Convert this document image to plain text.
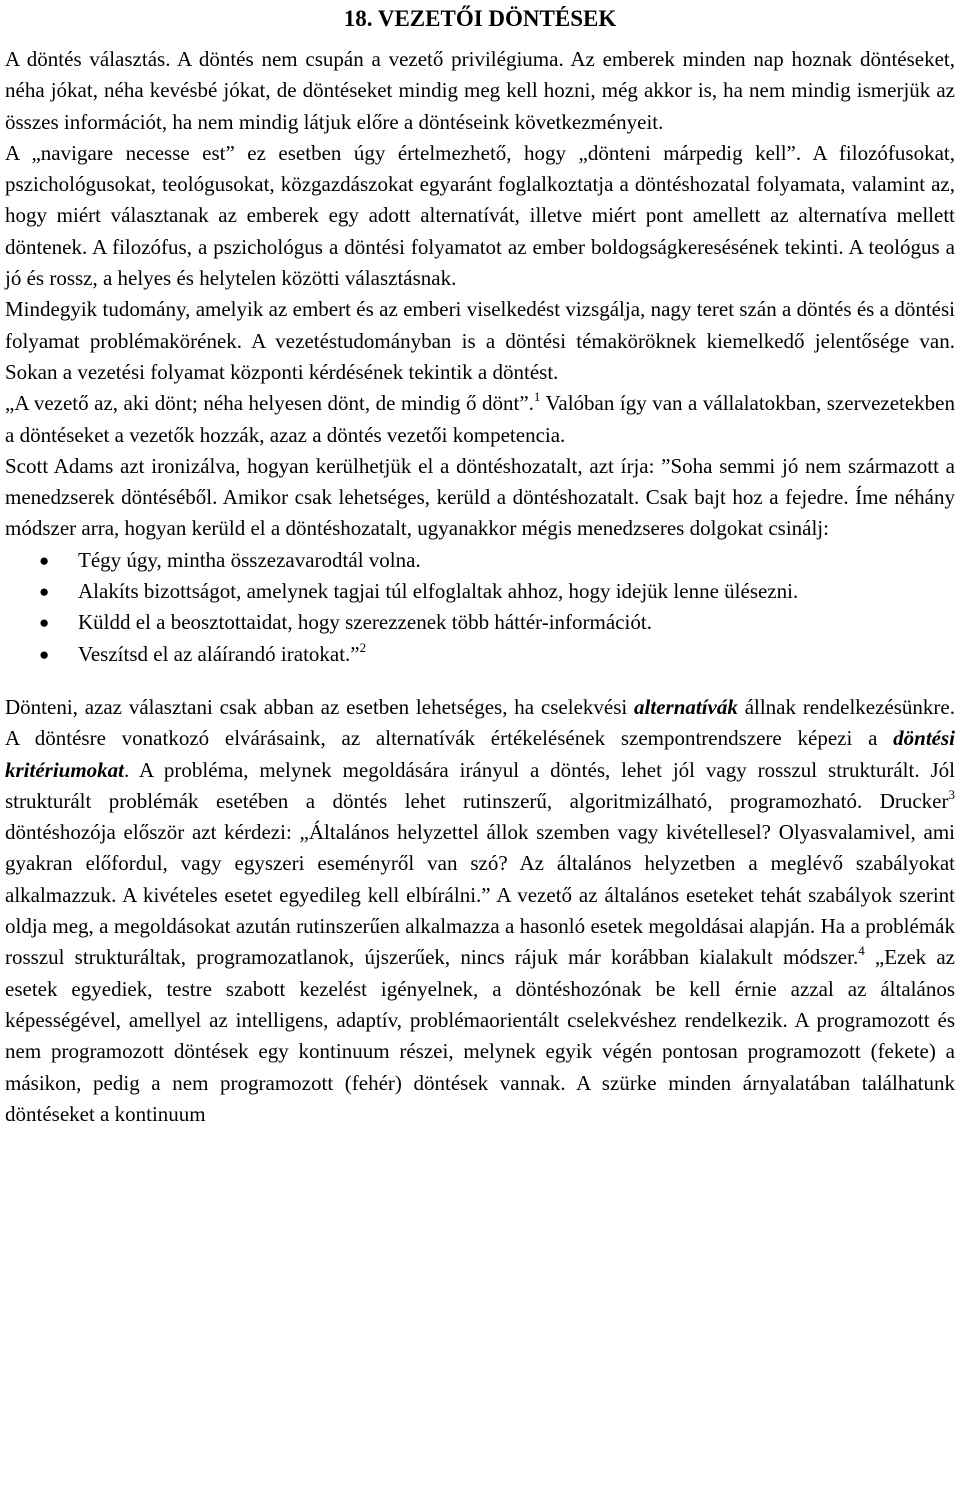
18. VEZETŐI DÖNTÉSEK

A döntés választás. A döntés nem csupán a vezető privilégiuma. Az emberek minden nap hoznak döntéseket, néha jókat, néha kevésbé jókat, de döntéseket mindig meg kell hozni, még akkor is, ha nem mindig ismerjük az összes információt, ha nem mindig látjuk előre a döntéseink következményeit.

A „navigare necesse est” ez esetben úgy értelmezhető, hogy „dönteni márpedig kell”. A filozófusokat, pszichológusokat, teológusokat, közgazdászokat egyaránt foglalkoztatja a döntéshozatal folyamata, valamint az, hogy miért választanak az emberek egy adott alternatívát, illetve miért pont amellett az alternatíva mellett döntenek. A filozófus, a pszichológus a döntési folyamatot az ember boldogságkeresésének tekinti. A teológus a jó és rossz, a helyes és helytelen közötti választásnak.

Mindegyik tudomány, amelyik az embert és az emberi viselkedést vizsgálja, nagy teret szán a döntés és a döntési folyamat problémakörének. A vezetéstudományban is a döntési témaköröknek kiemelkedő jelentősége van. Sokan a vezetési folyamat központi kérdésének tekintik a döntést.

„A vezető az, aki dönt; néha helyesen dönt, de mindig ő dönt”.$^1$ Valóban így van a vállalatokban, szervezetekben a döntéseket a vezetők hozzák, azaz a döntés vezetői kompetencia.

Scott Adams azt ironizálva, hogyan kerülhetjük el a döntéshozatalt, azt írja: ”Soha semmi jó nem származott a menedzserek döntéséből. Amikor csak lehetséges, kerüld a döntéshozatalt. Csak bajt hoz a fejedre. Íme néhány módszer arra, hogyan kerüld el a döntéshozatalt, ugyanakkor mégis menedzseres dolgokat csinálj:

● Tégy úgy, mintha összezavarodtál volna.
● Alakíts bizottságot, amelynek tagjai túl elfoglaltak ahhoz, hogy idejük lenne ülésezni.
● Küldd el a beosztottaidat, hogy szerezzenek több háttér-információt.
● Veszítsd el az aláírandó iratokat.”$^2$

Dönteni, azaz választani csak abban az esetben lehetséges, ha cselekvési alternatívák állnak rendelkezésünkre. A döntésre vonatkozó elvárásaink, az alternatívák értékelésének szempontrendszere képezi a döntési kritériumokat. A probléma, melynek megoldására irányul a döntés, lehet jól vagy rosszul strukturált. Jól strukturált problémák esetében a döntés lehet rutinszerű, algoritmizálható, programozható. Drucker$^3$ döntéshozója először azt kérdezi: „Általános helyzettel állok szemben vagy kivétellesel? Olyasvalamivel, ami gyakran előfordul, vagy egyszeri eseményről van szó? Az általános helyzetben a meglévő szabályokat alkalmazzuk. A kivételes esetet egyedileg kell elbírálni.” A vezető az általános eseteket tehát szabályok szerint oldja meg, a megoldásokat azután rutinszerűen alkalmazza a hasonló esetek megoldásai alapján. Ha a problémák rosszul strukturáltak, programozatlanok, újszerűek, nincs rájuk már korábban kialakult módszer.$^4$ „Ezek az esetek egyediek, testre szabott kezelést igényelnek, a döntéshozónak be kell érnie azzal az általános képességével, amellyel az intelligens, adaptív, problémaorientált cselekvéshez rendelkezik. A programozott és nem programozott döntések egy kontinuum részei, melynek egyik végén pontosan programozott (fekete) a másikon, pedig a nem programozott (fehér) döntések vannak. A szürke minden árnyalatában találhatunk döntéseket a kontinuum
